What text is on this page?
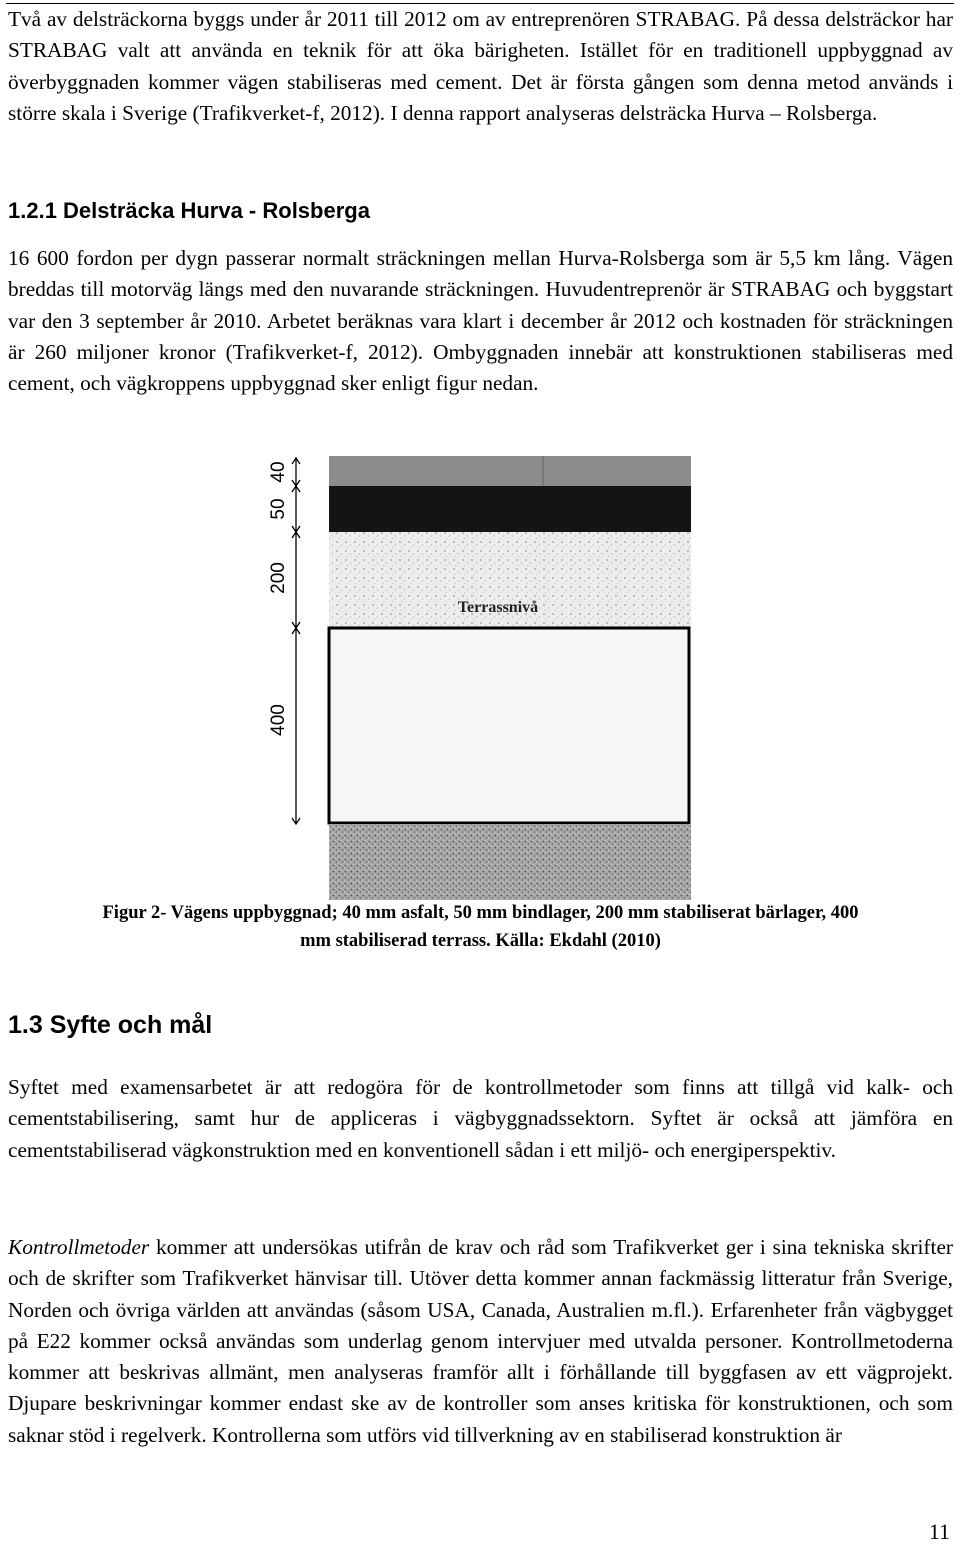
Två av delsträckorna byggs under år 2011 till 2012 om av entreprenören STRABAG. På dessa delsträckor har STRABAG valt att använda en teknik för att öka bärigheten. Istället för en traditionell uppbyggnad av överbyggnaden kommer vägen stabiliseras med cement. Det är första gången som denna metod används i större skala i Sverige (Trafikverket-f, 2012). I denna rapport analyseras delsträcka Hurva – Rolsberga.

1.2.1 Delsträcka Hurva - Rolsberga

16 600 fordon per dygn passerar normalt sträckningen mellan Hurva-Rolsberga som är 5,5 km lång. Vägen breddas till motorväg längs med den nuvarande sträckningen. Huvudentreprenör är STRABAG och byggstart var den 3 september år 2010. Arbetet beräknas vara klart i december år 2012 och kostnaden för sträckningen är 260 miljoner kronor (Trafikverket-f, 2012). Ombyggnaden innebär att konstruktionen stabiliseras med cement, och vägkroppens uppbyggnad sker enligt figur nedan.

Terrassnivå
40
50
200
400

Figur 2- Vägens uppbyggnad; 40 mm asfalt, 50 mm bindlager, 200 mm stabiliserat bärlager, 400

mm stabiliserad terrass. Källa: Ekdahl (2010)

1.3 Syfte och mål

Syftet med examensarbetet är att redogöra för de kontrollmetoder som finns att tillgå vid kalk- och cementstabilisering, samt hur de appliceras i vägbyggnadssektorn. Syftet är också att jämföra en cementstabiliserad vägkonstruktion med en konventionell sådan i ett miljö- och energiperspektiv.

Kontrollmetoder kommer att undersökas utifrån de krav och råd som Trafikverket ger i sina tekniska skrifter och de skrifter som Trafikverket hänvisar till. Utöver detta kommer annan fackmässig litteratur från Sverige, Norden och övriga världen att användas (såsom USA, Canada, Australien m.fl.). Erfarenheter från vägbygget på E22 kommer också användas som underlag genom intervjuer med utvalda personer. Kontrollmetoderna kommer att beskrivas allmänt, men analyseras framför allt i förhållande till byggfasen av ett vägprojekt. Djupare beskrivningar kommer endast ske av de kontroller som anses kritiska för konstruktionen, och som saknar stöd i regelverk. Kontrollerna som utförs vid tillverkning av en stabiliserad konstruktion är

11
